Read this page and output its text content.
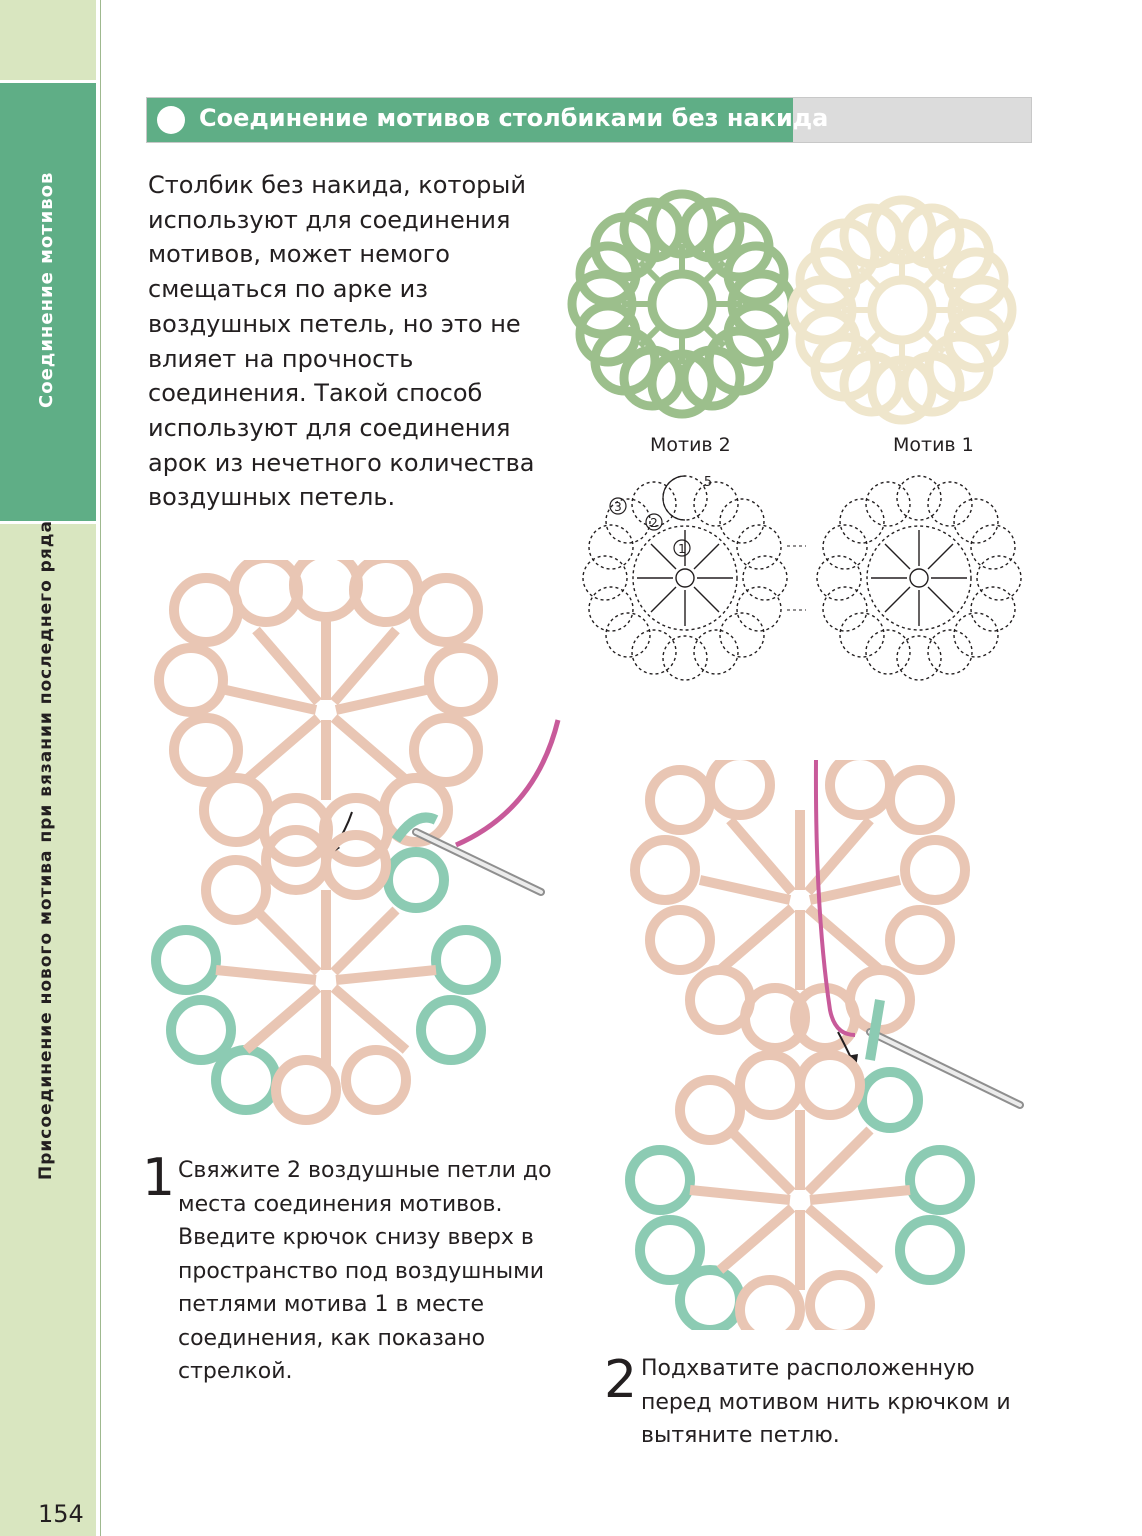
Соединение мотивов
Присоединение нового мотива при вязании последнего ряда
154
Соединение мотивов столбиками без накида
Столбик без накида, который используют для соединения мотивов, может немого смещаться по арке из воздушных петель, но это не влияет на прочность соединения. Такой способ используют для соединения арок из нечетного количества воздушных петель.
Мотив 2	Мотив 1
3
2
1
5
1 Свяжите 2 воздушные петли до места соединения мотивов. Введите крючок снизу вверх в пространство под воздушными петлями мотива 1 в месте соединения, как показано стрелкой.	2 Подхватите расположенную перед мотивом нить крючком и вытяните петлю.
